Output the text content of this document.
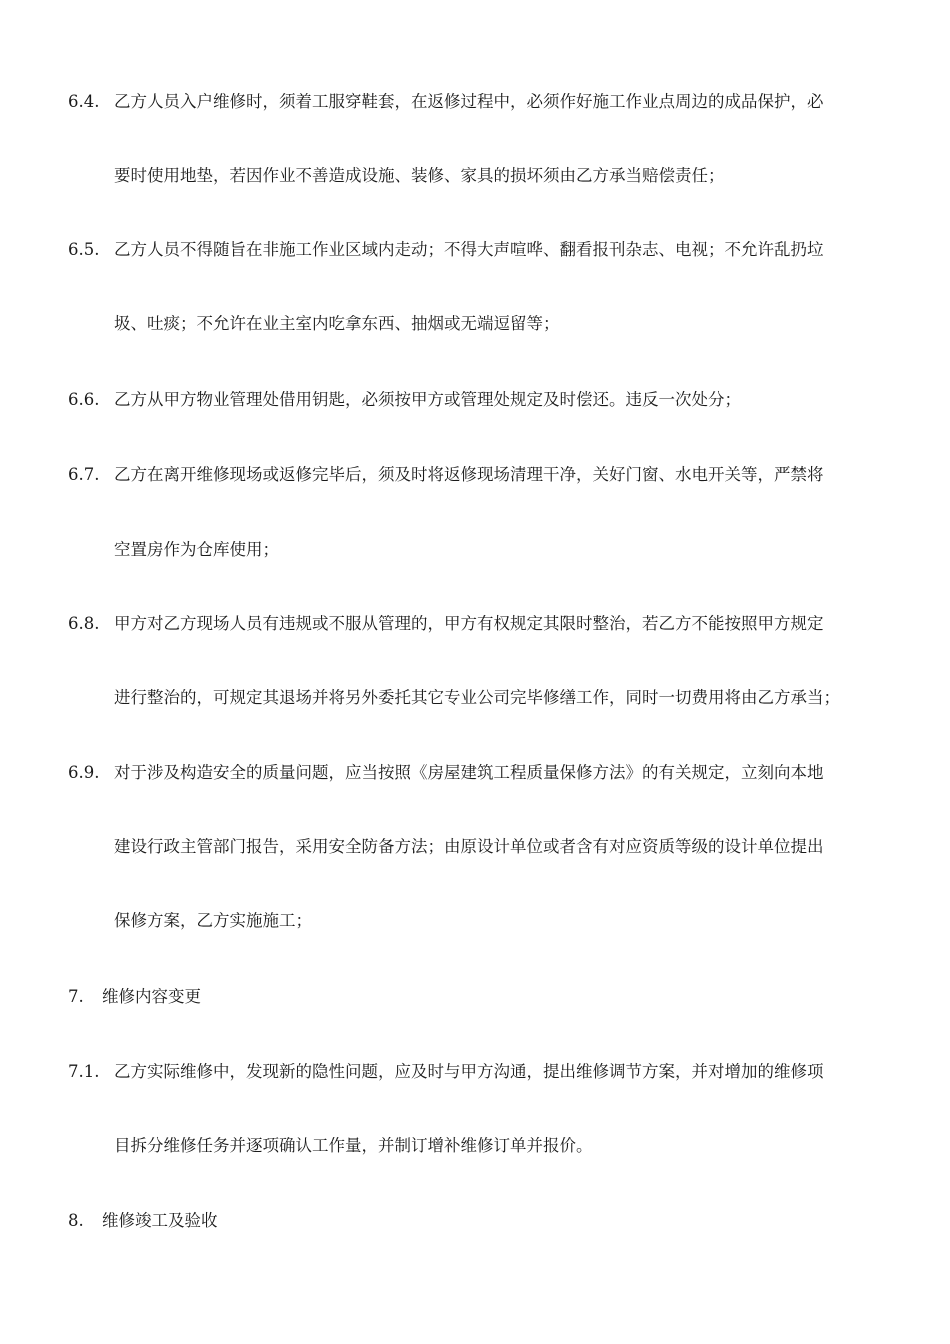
6.4. 乙方人员入户维修时，须着工服穿鞋套，在返修过程中，必须作好施工作业点周边的成品保护，必
要时使用地垫，若因作业不善造成设施、装修、家具的损坏须由乙方承当赔偿责任；
6.5. 乙方人员不得随旨在非施工作业区域内走动；不得大声喧哗、翻看报刊杂志、电视；不允许乱扔垃
圾、吐痰；不允许在业主室内吃拿东西、抽烟或无端逗留等；
6.6. 乙方从甲方物业管理处借用钥匙，必须按甲方或管理处规定及时偿还。违反一次处分；
6.7. 乙方在离开维修现场或返修完毕后，须及时将返修现场清理干净，关好门窗、水电开关等，严禁将
空置房作为仓库使用；
6.8. 甲方对乙方现场人员有违规或不服从管理的，甲方有权规定其限时整治，若乙方不能按照甲方规定
进行整治的，可规定其退场并将另外委托其它专业公司完毕修缮工作，同时一切费用将由乙方承当；
6.9. 对于涉及构造安全的质量问题，应当按照《房屋建筑工程质量保修方法》的有关规定，立刻向本地
建设行政主管部门报告，采用安全防备方法；由原设计单位或者含有对应资质等级的设计单位提出
保修方案，乙方实施施工；
7. 维修内容变更
7.1. 乙方实际维修中，发现新的隐性问题，应及时与甲方沟通，提出维修调节方案，并对增加的维修项
目拆分维修任务并逐项确认工作量，并制订增补维修订单并报价。
8. 维修竣工及验收
